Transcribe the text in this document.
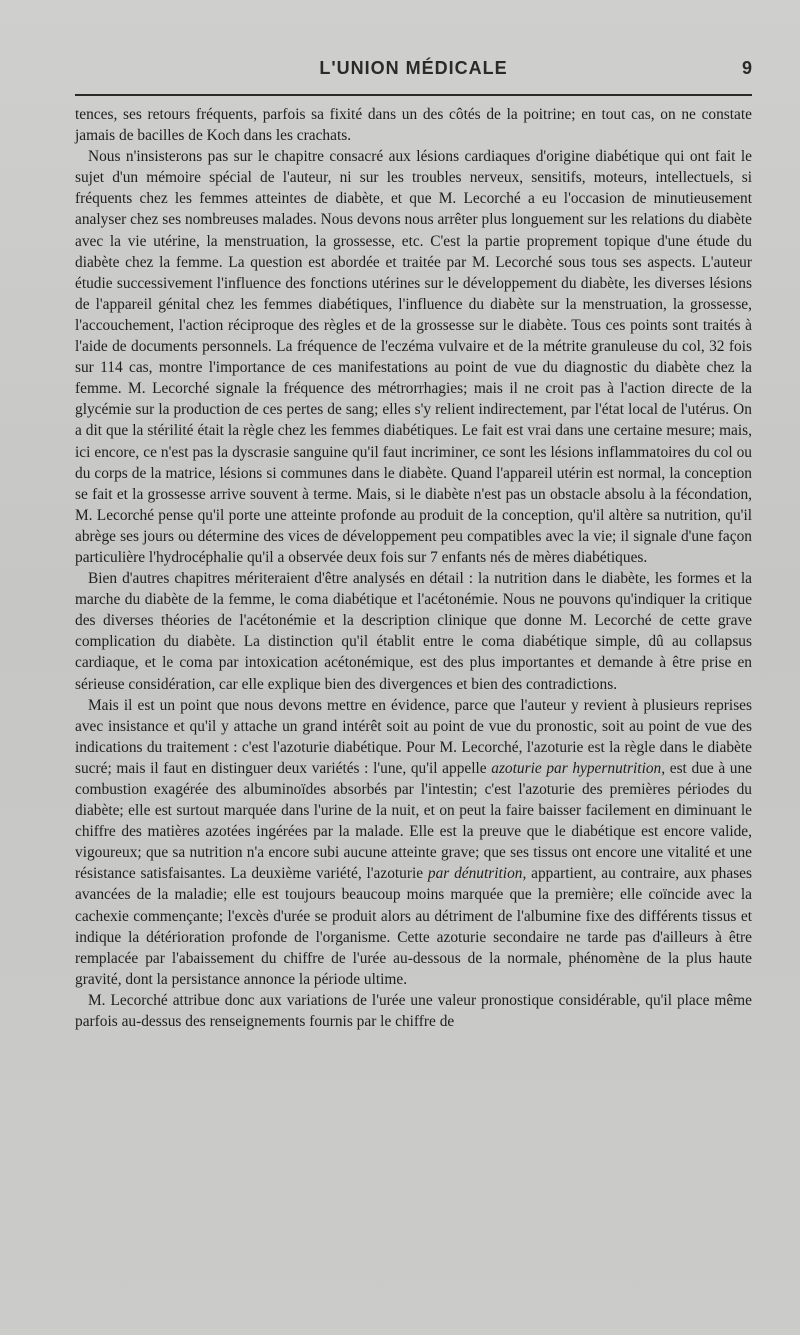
L'UNION MÉDICALE	9

tences, ses retours fréquents, parfois sa fixité dans un des côtés de la poitrine; en tout cas, on ne constate jamais de bacilles de Koch dans les crachats.

Nous n'insisterons pas sur le chapitre consacré aux lésions cardiaques d'origine diabétique qui ont fait le sujet d'un mémoire spécial de l'auteur, ni sur les troubles nerveux, sensitifs, moteurs, intellectuels, si fréquents chez les femmes atteintes de diabète, et que M. Lecorché a eu l'occasion de minutieusement analyser chez ses nombreuses malades. Nous devons nous arrêter plus longuement sur les relations du diabète avec la vie utérine, la menstruation, la grossesse, etc. C'est la partie proprement topique d'une étude du diabète chez la femme. La question est abordée et traitée par M. Lecorché sous tous ses aspects. L'auteur étudie successivement l'influence des fonctions utérines sur le développement du diabète, les diverses lésions de l'appareil génital chez les femmes diabétiques, l'influence du diabète sur la menstruation, la grossesse, l'accouchement, l'action réciproque des règles et de la grossesse sur le diabète. Tous ces points sont traités à l'aide de documents personnels. La fréquence de l'eczéma vulvaire et de la métrite granuleuse du col, 32 fois sur 114 cas, montre l'importance de ces manifestations au point de vue du diagnostic du diabète chez la femme. M. Lecorché signale la fréquence des métrorrhagies; mais il ne croit pas à l'action directe de la glycémie sur la production de ces pertes de sang; elles s'y relient indirectement, par l'état local de l'utérus. On a dit que la stérilité était la règle chez les femmes diabétiques. Le fait est vrai dans une certaine mesure; mais, ici encore, ce n'est pas la dyscrasie sanguine qu'il faut incriminer, ce sont les lésions inflammatoires du col ou du corps de la matrice, lésions si communes dans le diabète. Quand l'appareil utérin est normal, la conception se fait et la grossesse arrive souvent à terme. Mais, si le diabète n'est pas un obstacle absolu à la fécondation, M. Lecorché pense qu'il porte une atteinte profonde au produit de la conception, qu'il altère sa nutrition, qu'il abrège ses jours ou détermine des vices de développement peu compatibles avec la vie; il signale d'une façon particulière l'hydrocéphalie qu'il a observée deux fois sur 7 enfants nés de mères diabétiques.

Bien d'autres chapitres mériteraient d'être analysés en détail : la nutrition dans le diabète, les formes et la marche du diabète de la femme, le coma diabétique et l'acétonémie. Nous ne pouvons qu'indiquer la critique des diverses théories de l'acétonémie et la description clinique que donne M. Lecorché de cette grave complication du diabète. La distinction qu'il établit entre le coma diabétique simple, dû au collapsus cardiaque, et le coma par intoxication acétonémique, est des plus importantes et demande à être prise en sérieuse considération, car elle explique bien des divergences et bien des contradictions.

Mais il est un point que nous devons mettre en évidence, parce que l'auteur y revient à plusieurs reprises avec insistance et qu'il y attache un grand intérêt soit au point de vue du pronostic, soit au point de vue des indications du traitement : c'est l'azoturie diabétique. Pour M. Lecorché, l'azoturie est la règle dans le diabète sucré; mais il faut en distinguer deux variétés : l'une, qu'il appelle azoturie par hypernutrition, est due à une combustion exagérée des albuminoïdes absorbés par l'intestin; c'est l'azoturie des premières périodes du diabète; elle est surtout marquée dans l'urine de la nuit, et on peut la faire baisser facilement en diminuant le chiffre des matières azotées ingérées par la malade. Elle est la preuve que le diabétique est encore valide, vigoureux; que sa nutrition n'a encore subi aucune atteinte grave; que ses tissus ont encore une vitalité et une résistance satisfaisantes. La deuxième variété, l'azoturie par dénutrition, appartient, au contraire, aux phases avancées de la maladie; elle est toujours beaucoup moins marquée que la première; elle coïncide avec la cachexie commençante; l'excès d'urée se produit alors au détriment de l'albumine fixe des différents tissus et indique la détérioration profonde de l'organisme. Cette azoturie secondaire ne tarde pas d'ailleurs à être remplacée par l'abaissement du chiffre de l'urée au-dessous de la normale, phénomène de la plus haute gravité, dont la persistance annonce la période ultime.

M. Lecorché attribue donc aux variations de l'urée une valeur pronostique considérable, qu'il place même parfois au-dessus des renseignements fournis par le chiffre de
